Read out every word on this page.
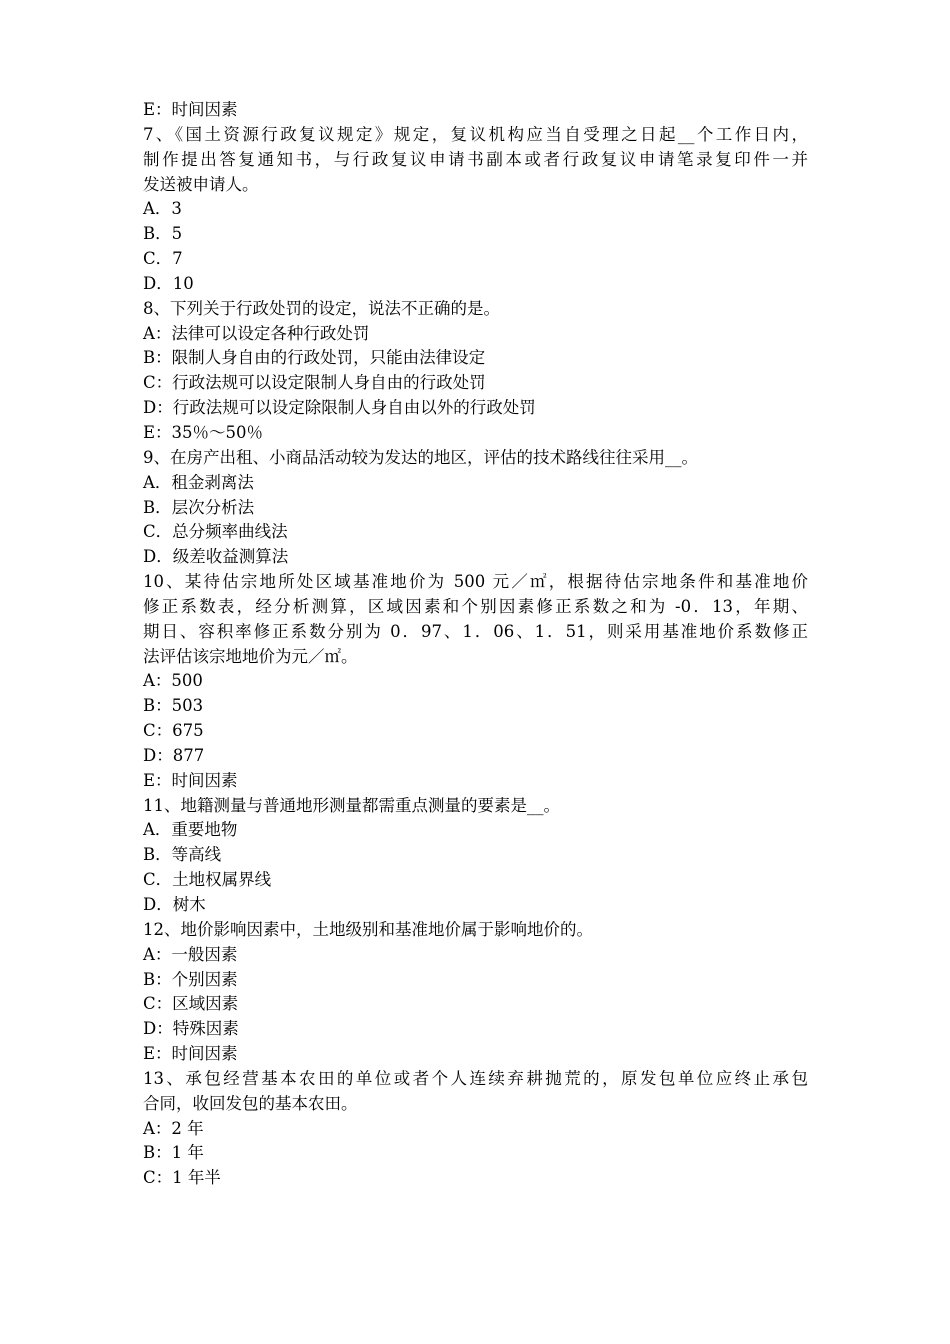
E：时间因素
7、《国土资源行政复议规定》规定，复议机构应当自受理之日起__个工作日内，
制作提出答复通知书，与行政复议申请书副本或者行政复议申请笔录复印件一并
发送被申请人。
A．3
B．5
C．7
D．10
8、下列关于行政处罚的设定，说法不正确的是。
A：法律可以设定各种行政处罚
B：限制人身自由的行政处罚，只能由法律设定
C：行政法规可以设定限制人身自由的行政处罚
D：行政法规可以设定除限制人身自由以外的行政处罚
E：35％～50％
9、在房产出租、小商品活动较为发达的地区，评估的技术路线往往采用__。
A．租金剥离法
B．层次分析法
C．总分频率曲线法
D．级差收益测算法
10、某待估宗地所处区域基准地价为 500 元／㎡，根据待估宗地条件和基准地价
修正系数表，经分析测算，区域因素和个别因素修正系数之和为 -0．13，年期、
期日、容积率修正系数分别为 0．97、1．06、1．51，则采用基准地价系数修正
法评估该宗地地价为元／㎡。
A：500
B：503
C：675
D：877
E：时间因素
11、地籍测量与普通地形测量都需重点测量的要素是__。
A．重要地物
B．等高线
C．土地权属界线
D．树木
12、地价影响因素中，土地级别和基准地价属于影响地价的。
A：一般因素
B：个别因素
C：区域因素
D：特殊因素
E：时间因素
13、承包经营基本农田的单位或者个人连续弃耕抛荒的，原发包单位应终止承包
合同，收回发包的基本农田。
A：2 年
B：1 年
C：1 年半
